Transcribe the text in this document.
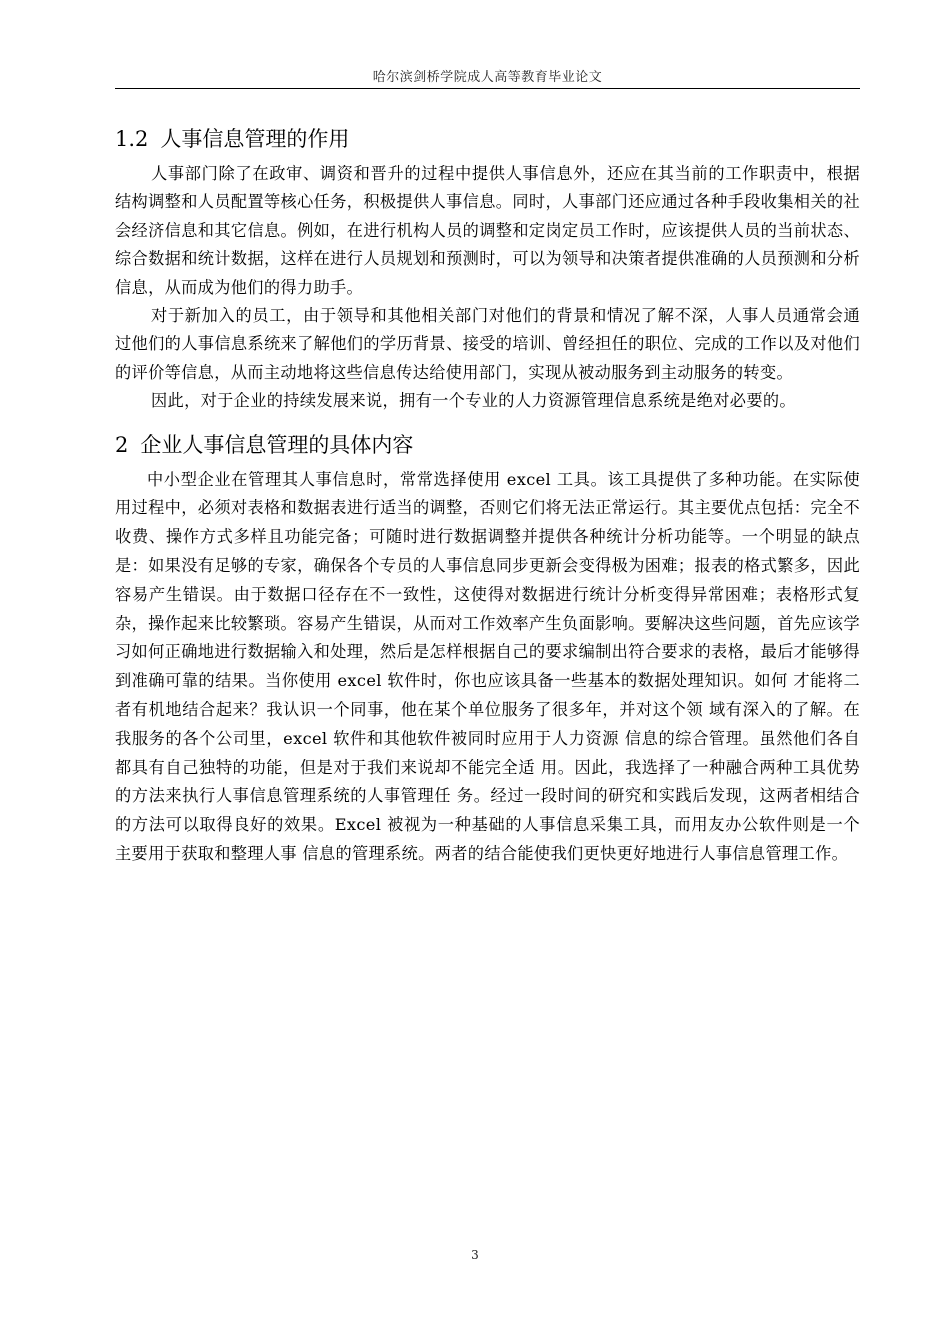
哈尔滨剑桥学院成人高等教育毕业论文
1.2 人事信息管理的作用

人事部门除了在政审、调资和晋升的过程中提供人事信息外，还应在其当前的工作职责中，根据结构调整和人员配置等核心任务，积极提供人事信息。同时，人事部门还应通过各种手段收集相关的社会经济信息和其它信息。例如，在进行机构人员的调整和定岗定员工作时，应该提供人员的当前状态、综合数据和统计数据，这样在进行人员规划和预测时，可以为领导和决策者提供准确的人员预测和分析信息，从而成为他们的得力助手。

对于新加入的员工，由于领导和其他相关部门对他们的背景和情况了解不深，人事人员通常会通过他们的人事信息系统来了解他们的学历背景、接受的培训、曾经担任的职位、完成的工作以及对他们的评价等信息，从而主动地将这些信息传达给使用部门，实现从被动服务到主动服务的转变。

因此，对于企业的持续发展来说，拥有一个专业的人力资源管理信息系统是绝对必要的。

2 企业人事信息管理的具体内容

中小型企业在管理其人事信息时，常常选择使用 excel 工具。该工具提供了多种功能。在实际使用过程中，必须对表格和数据表进行适当的调整，否则它们将无法正常运行。其主要优点包括：完全不收费、操作方式多样且功能完备；可随时进行数据调整并提供各种统计分析功能等。一个明显的缺点是：如果没有足够的专家，确保各个专员的人事信息同步更新会变得极为困难；报表的格式繁多，因此容易产生错误。由于数据口径存在不一致性，这使得对数据进行统计分析变得异常困难；表格形式复杂，操作起来比较繁琐。容易产生错误，从而对工作效率产生负面影响。要解决这些问题，首先应该学习如何正确地进行数据输入和处理，然后是怎样根据自己的要求编制出符合要求的表格，最后才能够得到准确可靠的结果。当你使用 excel 软件时，你也应该具备一些基本的数据处理知识。如何 才能将二者有机地结合起来？我认识一个同事，他在某个单位服务了很多年，并对这个领 域有深入的了解。在我服务的各个公司里，excel 软件和其他软件被同时应用于人力资源 信息的综合管理。虽然他们各自都具有自己独特的功能，但是对于我们来说却不能完全适 用。因此，我选择了一种融合两种工具优势的方法来执行人事信息管理系统的人事管理任 务。经过一段时间的研究和实践后发现，这两者相结合的方法可以取得良好的效果。Excel 被视为一种基础的人事信息采集工具，而用友办公软件则是一个主要用于获取和整理人事 信息的管理系统。两者的结合能使我们更快更好地进行人事信息管理工作。

3
